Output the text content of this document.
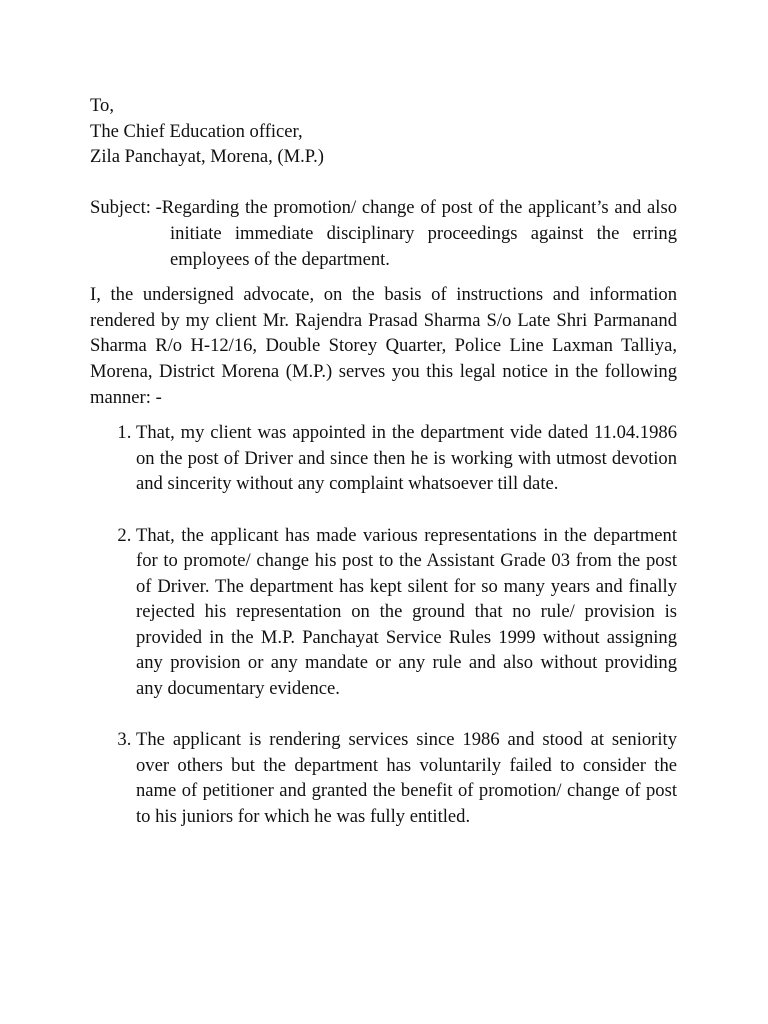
To,
The Chief Education officer,
Zila Panchayat, Morena, (M.P.)
Subject: - Regarding the promotion/ change of post of the applicant’s and also initiate immediate disciplinary proceedings against the erring employees of the department.
I, the undersigned advocate, on the basis of instructions and information rendered by my client Mr. Rajendra Prasad Sharma S/o Late Shri Parmanand Sharma R/o H-12/16, Double Storey Quarter, Police Line Laxman Talliya, Morena, District Morena (M.P.) serves you this legal notice in the following manner: -
1. That, my client was appointed in the department vide dated 11.04.1986 on the post of Driver and since then he is working with utmost devotion and sincerity without any complaint whatsoever till date.
2. That, the applicant has made various representations in the department for to promote/ change his post to the Assistant Grade 03 from the post of Driver. The department has kept silent for so many years and finally rejected his representation on the ground that no rule/ provision is provided in the M.P. Panchayat Service Rules 1999 without assigning any provision or any mandate or any rule and also without providing any documentary evidence.
3. The applicant is rendering services since 1986 and stood at seniority over others but the department has voluntarily failed to consider the name of petitioner and granted the benefit of promotion/ change of post to his juniors for which he was fully entitled.
